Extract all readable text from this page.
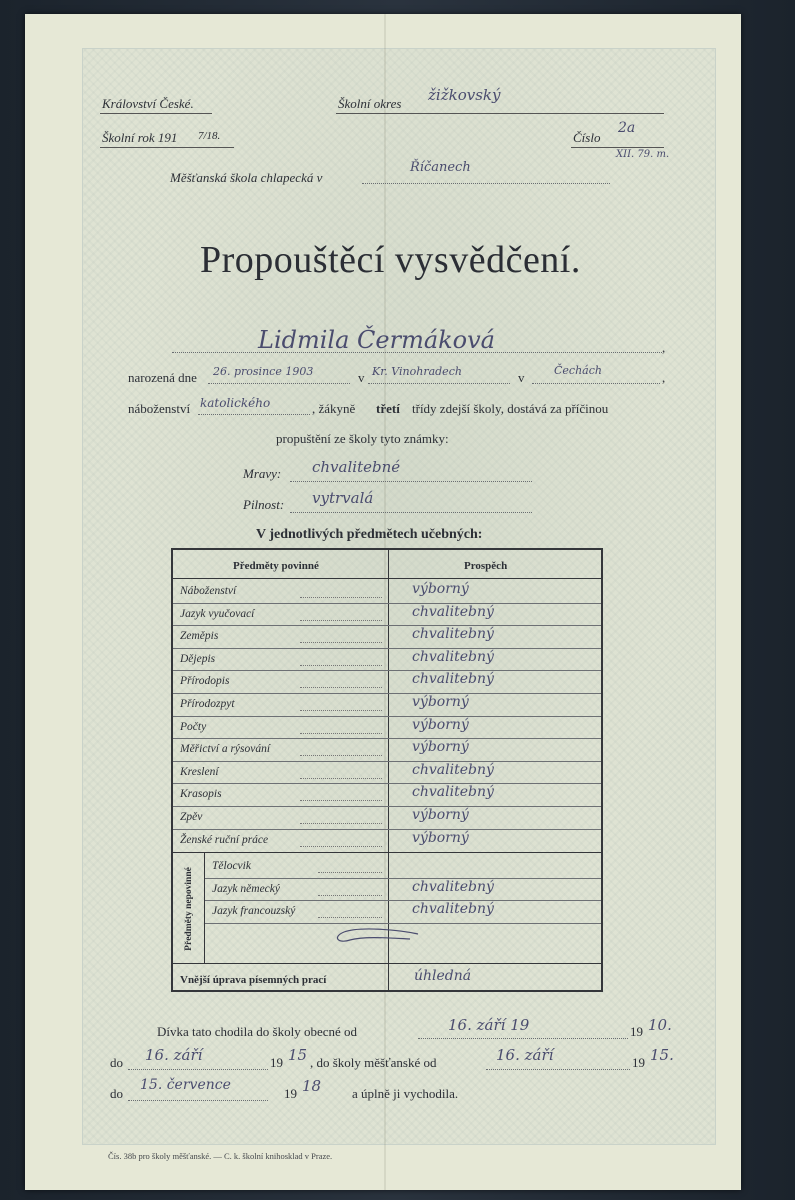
Království České.	Školní okres žižkovský
Školní rok 191 7/18.	Číslo
2a
XII. 79. m.
Měšťanská škola chlapecká v
Říčanech
Propouštěcí vysvědčení.
Lidmila Čermáková	,
narozená dne 26. prosince 1903	v Kr. Vinohradech	v	Čechách	,
náboženství katolického	, žákyně třetí třídy zdejší školy, dostává za příčinou
propuštění ze školy tyto známky:
Mravy: chvalitebné
Pilnost: vytrvalá
V jednotlivých předmětech učebných:
Předměty povinné	Prospěch
Náboženství	výborný
Jazyk vyučovací	chvalitebný
Zeměpis	chvalitebný
Dějepis	chvalitebný
Přírodopis	chvalitebný
Přírodozpyt	výborný
Počty	výborný
Měřictví a rýsování	výborný
Kreslení	chvalitebný
Krasopis	chvalitebný
Zpěv	výborný
Ženské ruční práce	výborný
Předměty nepovinné
Tělocvik
Jazyk německý	chvalitebný
Jazyk francouzský	chvalitebný
Vnější úprava písemných prací	úhledná
Dívka tato chodila do školy obecné od	16. září 19	19 10.
do 16. září	19 15 , do školy měšťanské od	16. září	19 15.
do
15. července
19 18 a úplně ji vychodila.
Čís. 38b pro školy měšťanské. — C. k. školní knihosklad v Praze.
